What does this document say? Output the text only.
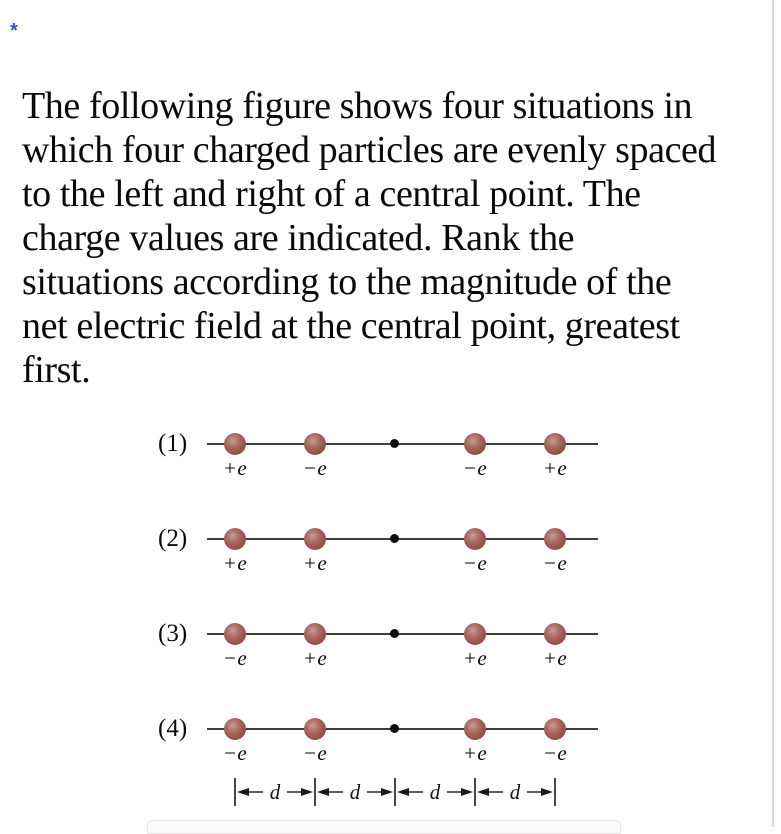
*
The following figure shows four situations in
which four charged particles are evenly spaced
to the left and right of a central point. The
charge values are indicated. Rank the
situations according to the magnitude of the
net electric field at the central point, greatest
first.
(1)
+e	−e	−e	+e
(2)
+e	+e	−e	−e
(3)
−e	+e	+e	+e
(4)
−e	−e	+e	−e
d	d	d	d
